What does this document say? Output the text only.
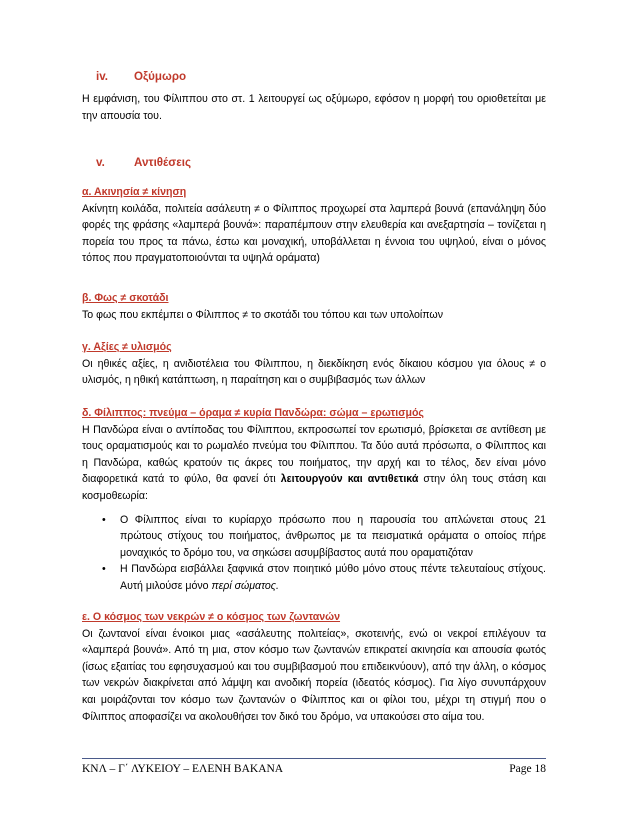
iv. Οξύμωρο

Η εμφάνιση, του Φίλιππου στο στ. 1 λειτουργεί ως οξύμωρο, εφόσον η μορφή του οριοθετείται με την απουσία του.

v.	Αντιθέσεις

α. Ακινησία ≠ κίνηση

Ακίνητη κοιλάδα, πολιτεία ασάλευτη ≠ ο Φίλιππος προχωρεί στα λαμπερά βουνά (επανάληψη δύο φορές της φράσης «λαμπερά βουνά»: παραπέμπουν στην ελευθερία και ανεξαρτησία – τονίζεται η πορεία του προς τα πάνω, έστω και μοναχική, υποβάλλεται η έννοια του υψηλού, είναι ο μόνος τόπος που πραγματοποιούνται τα υψηλά οράματα)

β. Φως ≠ σκοτάδι

Το φως που εκπέμπει ο Φίλιππος ≠ το σκοτάδι του τόπου και των υπολοίπων

γ. Αξίες ≠ υλισμός

Οι ηθικές αξίες, η ανιδιοτέλεια του Φίλιππου, η διεκδίκηση ενός δίκαιου κόσμου για όλους ≠ ο υλισμός, η ηθική κατάπτωση, η παραίτηση και ο συμβιβασμός των άλλων

δ. Φίλιππος: πνεύμα – όραμα ≠ κυρία Πανδώρα: σώμα – ερωτισμός

Η Πανδώρα είναι ο αντίποδας του Φίλιππου, εκπροσωπεί τον ερωτισμό, βρίσκεται σε αντίθεση με τους οραματισμούς και το ρωμαλέο πνεύμα του Φίλιππου. Τα δύο αυτά πρόσωπα, ο Φίλιππος και η Πανδώρα, καθώς κρατούν τις άκρες του ποιήματος, την αρχή και το τέλος, δεν είναι μόνο διαφορετικά κατά το φύλο, θα φανεί ότι λειτουργούν και αντιθετικά στην όλη τους στάση και κοσμοθεωρία:

• Ο Φίλιππος είναι το κυρίαρχο πρόσωπο που η παρουσία του απλώνεται στους 21 πρώτους στίχους του ποιήματος, άνθρωπος με τα πεισματικά οράματα ο οποίος πήρε μοναχικός το δρόμο του, να σηκώσει ασυμβίβαστος αυτά που οραματιζόταν
• Η Πανδώρα εισβάλλει ξαφνικά στον ποιητικό μύθο μόνο στους πέντε τελευταίους στίχους. Αυτή μιλούσε μόνο περί σώματος.

ε. Ο κόσμος των νεκρών ≠ ο κόσμος των ζωντανών

Οι ζωντανοί είναι ένοικοι μιας «ασάλευτης πολιτείας», σκοτεινής, ενώ οι νεκροί επιλέγουν τα «λαμπερά βουνά». Από τη μια, στον κόσμο των ζωντανών επικρατεί ακινησία και απουσία φωτός (ίσως εξαιτίας του εφησυχασμού και του συμβιβασμού που επιδεικνύουν), από την άλλη, ο κόσμος των νεκρών διακρίνεται από λάμψη και ανοδική πορεία (ιδεατός κόσμος). Για λίγο συνυπάρχουν και μοιράζονται τον κόσμο των ζωντανών ο Φίλιππος και οι φίλοι του, μέχρι τη στιγμή που ο Φίλιππος αποφασίζει να ακολουθήσει τον δικό του δρόμο, να υπακούσει στο αίμα του.

ΚΝΛ – Γ΄ ΛΥΚΕΙΟΥ – ΕΛΕΝΗ ΒΑΚΑΝΑ	Page 18
